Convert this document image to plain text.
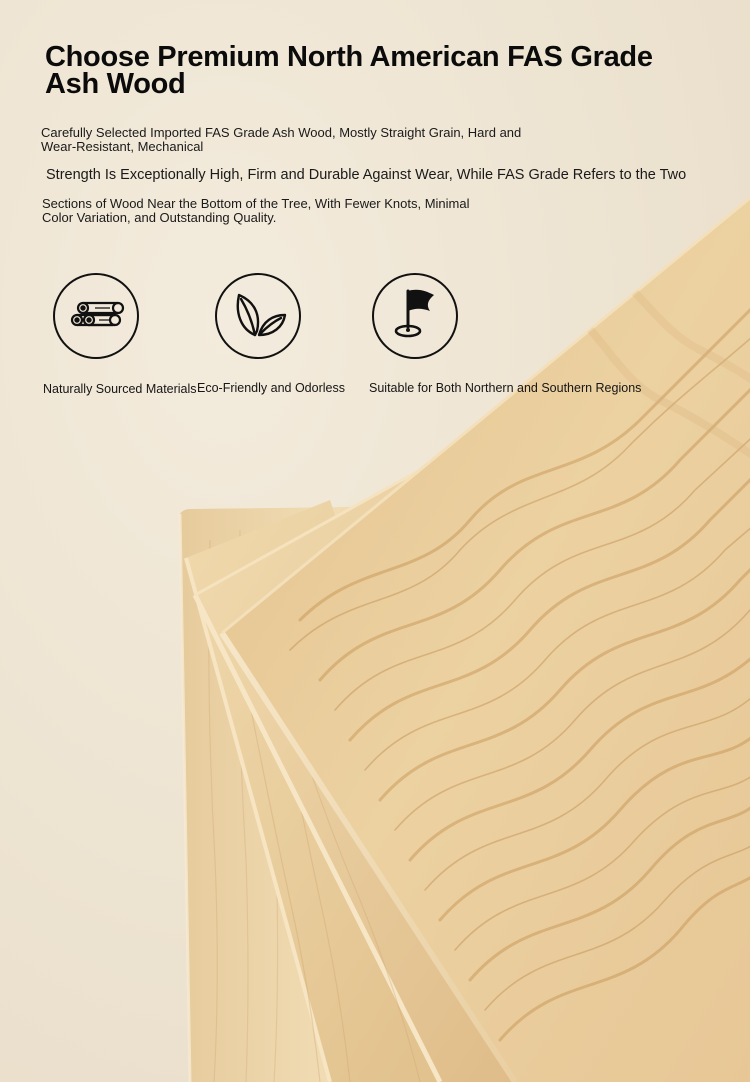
Choose Premium North American FAS Grade Ash Wood

Carefully Selected Imported FAS Grade Ash Wood, Mostly Straight Grain, Hard and Wear-Resistant, Mechanical

Strength Is Exceptionally High, Firm and Durable Against Wear, While FAS Grade Refers to the Two

Sections of Wood Near the Bottom of the Tree, With Fewer Knots, Minimal Color Variation, and Outstanding Quality.

Naturally Sourced Materials Eco-Friendly and Odorless Suitable for Both Northern and Southern Regions
